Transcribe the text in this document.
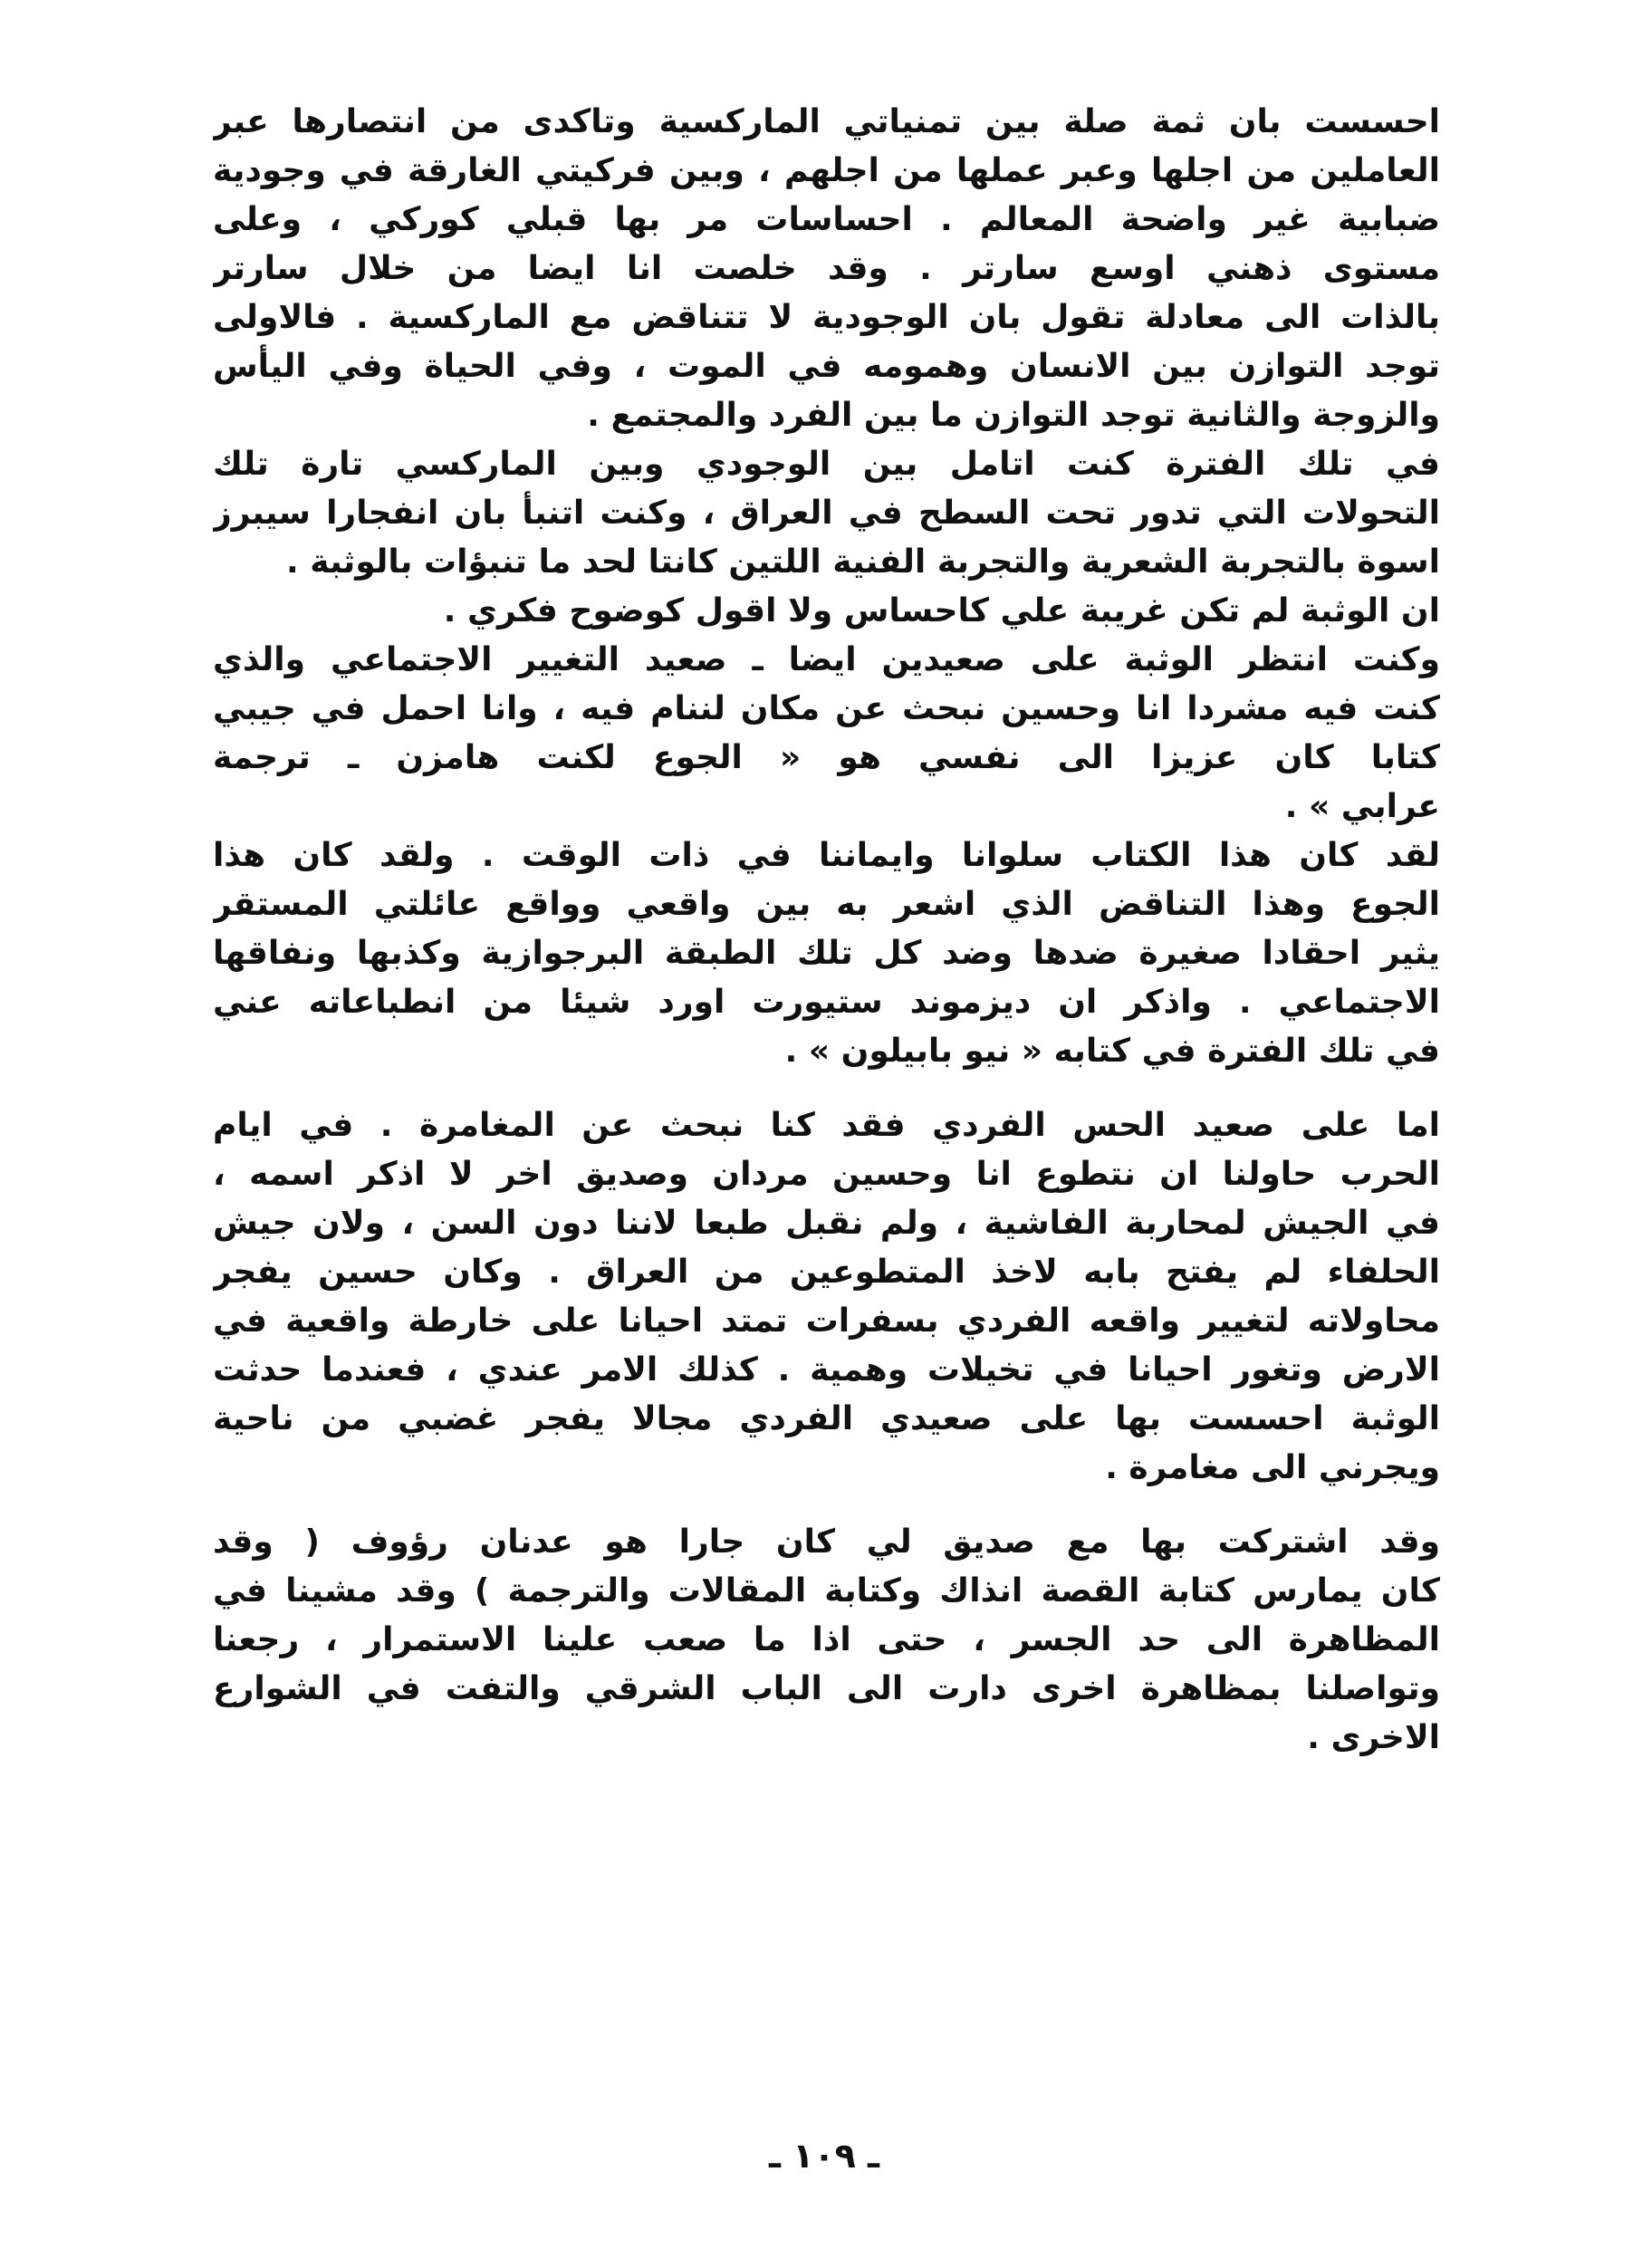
احسست بان ثمة صلة بين تمنياتي الماركسية وتاكدى من انتصارها عبر
العاملين من اجلها وعبر عملها من اجلهم ، وبين فركيتي الغارقة في وجودية
ضبابية غير واضحة المعالم . احساسات مر بها قبلي كوركي ، وعلى
مستوى ذهني اوسع سارتر . وقد خلصت انا ايضا من خلال سارتر
بالذات الى معادلة تقول بان الوجودية لا تتناقض مع الماركسية . فالاولى
توجد التوازن بين الانسان وهمومه في الموت ، وفي الحياة وفي اليأس
والزوجة والثانية توجد التوازن ما بين الفرد والمجتمع .
في تلك الفترة كنت اتامل بين الوجودي وبين الماركسي تارة تلك
التحولات التي تدور تحت السطح في العراق ، وكنت اتنبأ بان انفجارا سيبرز
اسوة بالتجربة الشعرية والتجربة الفنية اللتين كانتا لحد ما تنبؤات بالوثبة .
ان الوثبة لم تكن غريبة علي كاحساس ولا اقول كوضوح فكري .
وكنت انتظر الوثبة على صعيدين ايضا ـ صعيد التغيير الاجتماعي والذي
كنت فيه مشردا انا وحسين نبحث عن مكان لننام فيه ، وانا احمل في جيبي
كتابا كان عزيزا الى نفسي هو « الجوع لكنت هامزن ـ ترجمة
عرابي » .
لقد كان هذا الكتاب سلوانا وايماننا في ذات الوقت . ولقد كان هذا
الجوع وهذا التناقض الذي اشعر به بين واقعي وواقع عائلتي المستقر
يثير احقادا صغيرة ضدها وضد كل تلك الطبقة البرجوازية وكذبها ونفاقها
الاجتماعي . واذكر ان ديزموند ستيورت اورد شيئا من انطباعاته عني
في تلك الفترة في كتابه « نيو بابيلون » .
اما على صعيد الحس الفردي فقد كنا نبحث عن المغامرة . في ايام
الحرب حاولنا ان نتطوع انا وحسين مردان وصديق اخر لا اذكر اسمه ،
في الجيش لمحاربة الفاشية ، ولم نقبل طبعا لاننا دون السن ، ولان جيش
الحلفاء لم يفتح بابه لاخذ المتطوعين من العراق . وكان حسين يفجر
محاولاته لتغيير واقعه الفردي بسفرات تمتد احيانا على خارطة واقعية في
الارض وتغور احيانا في تخيلات وهمية . كذلك الامر عندي ، فعندما حدثت
الوثبة احسست بها على صعيدي الفردي مجالا يفجر غضبي من ناحية
ويجرني الى مغامرة .
وقد اشتركت بها مع صديق لي كان جارا هو عدنان رؤوف ( وقد
كان يمارس كتابة القصة انذاك وكتابة المقالات والترجمة ) وقد مشينا في
المظاهرة الى حد الجسر ، حتى اذا ما صعب علينا الاستمرار ، رجعنا
وتواصلنا بمظاهرة اخرى دارت الى الباب الشرقي والتفت في الشوارع
الاخرى .
ـ ١٠٩ ـ
